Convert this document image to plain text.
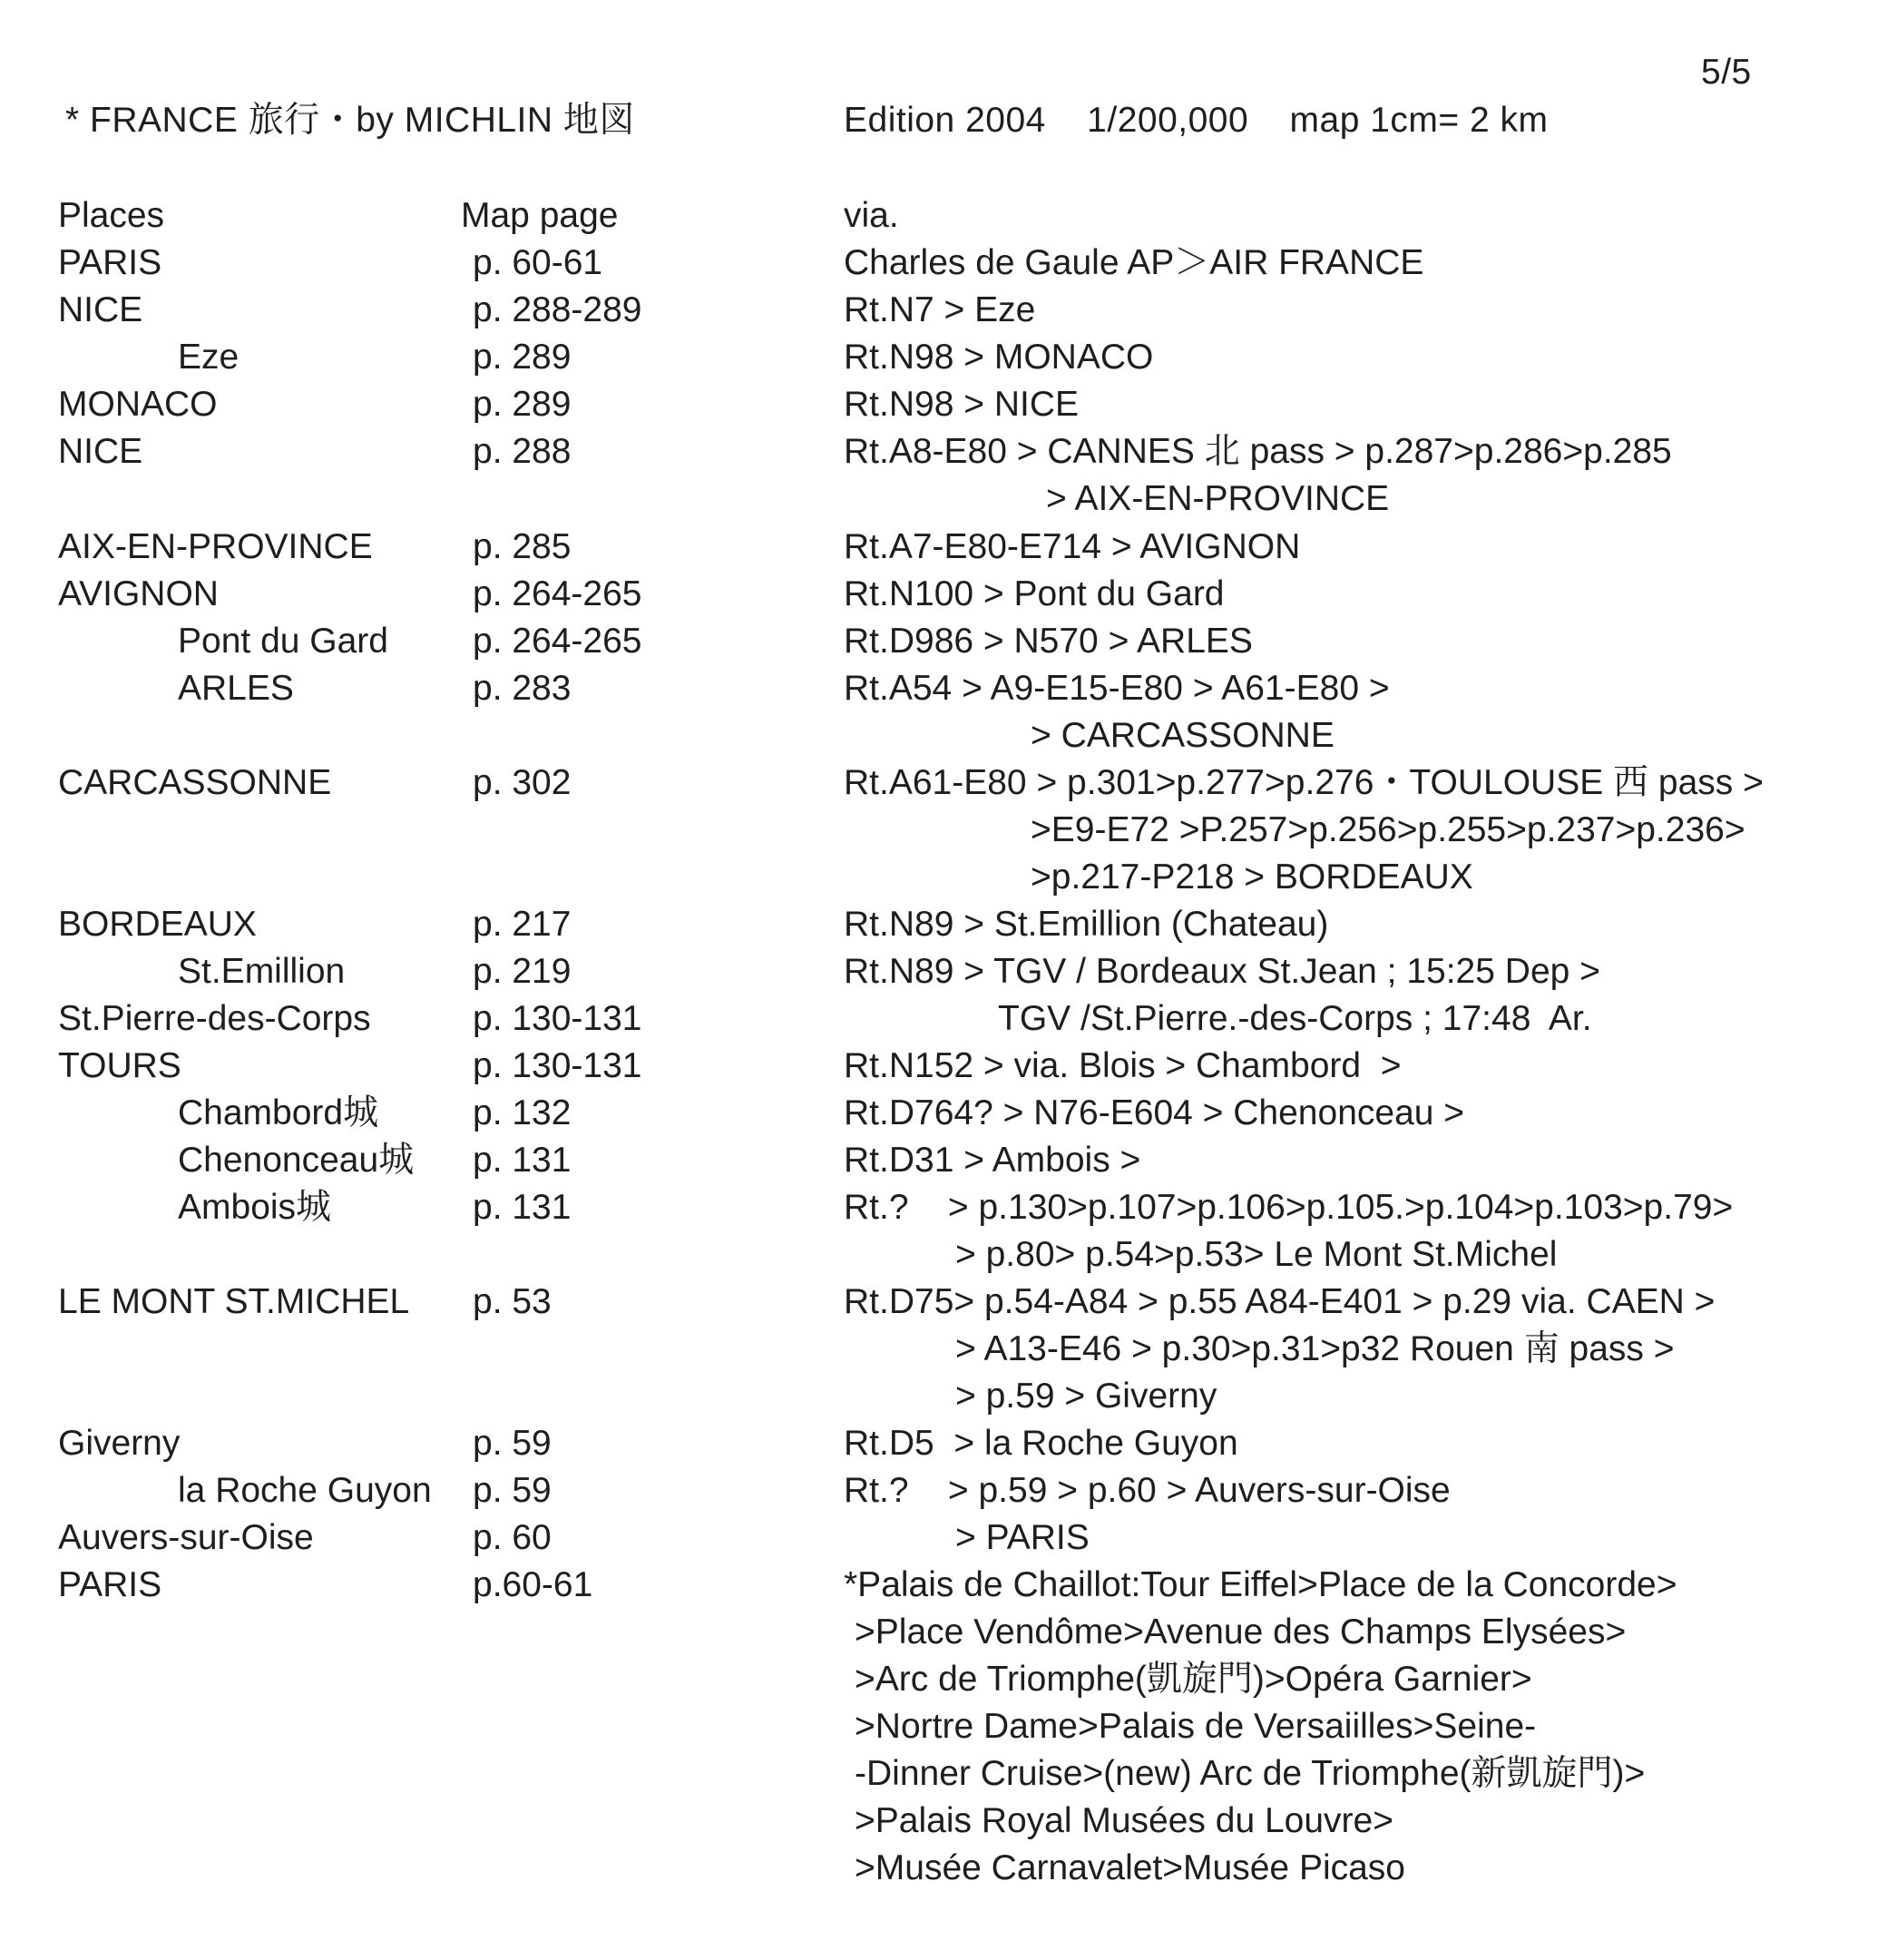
5/5
* FRANCE 旅行・by MICHLIN 地図	Edition 2004    1/200,000    map 1cm= 2 km
Places	Map page	via.
PARIS	p. 60-61	Charles de Gaule AP＞AIR FRANCE
NICE	p. 288-289	Rt.N7 > Eze
Eze	p. 289	Rt.N98 > MONACO
MONACO	p. 289	Rt.N98 > NICE
NICE	p. 288	Rt.A8-E80 > CANNES 北 pass > p.287>p.286>p.285
> AIX-EN-PROVINCE
AIX-EN-PROVINCE	p. 285	Rt.A7-E80-E714 > AVIGNON
AVIGNON	p. 264-265	Rt.N100 > Pont du Gard
Pont du Gard p. 264-265	Rt.D986 > N570 > ARLES
ARLES	p. 283	Rt.A54 > A9-E15-E80 > A61-E80 >
> CARCASSONNE
CARCASSONNE	p. 302	Rt.A61-E80 > p.301>p.277>p.276・TOULOUSE 西 pass >
>E9-E72 >P.257>p.256>p.255>p.237>p.236>
>p.217-P218 > BORDEAUX
BORDEAUX	p. 217	Rt.N89 > St.Emillion (Chateau)
St.Emillion	p. 219	Rt.N89 > TGV / Bordeaux St.Jean ; 15:25 Dep >
St.Pierre-des-Corps	p. 130-131	TGV /St.Pierre.-des-Corps ; 17:48  Ar.
TOURS	p. 130-131	Rt.N152 > via. Blois > Chambord  >
Chambord城	p. 132	Rt.D764? > N76-E604 > Chenonceau >
Chenonceau城 p. 131	Rt.D31 > Ambois >
Ambois城	p. 131	Rt.?    > p.130>p.107>p.106>p.105.>p.104>p.103>p.79>
> p.80> p.54>p.53> Le Mont St.Michel
LE MONT ST.MICHEL p. 53	Rt.D75> p.54-A84 > p.55 A84-E401 > p.29 via. CAEN >
> A13-E46 > p.30>p.31>p32 Rouen 南 pass >
> p.59 > Giverny
Giverny	p. 59	Rt.D5  > la Roche Guyon
la Roche Guyon p. 59	Rt.?    > p.59 > p.60 > Auvers-sur-Oise
Auvers-sur-Oise	p. 60	> PARIS
PARIS	p.60-61	*Palais de Chaillot:Tour Eiffel>Place de la Concorde>
>Place Vendôme>Avenue des Champs Elysées>
>Arc de Triomphe(凱旋門)>Opéra Garnier>
>Nortre Dame>Palais de Versaiilles>Seine-
-Dinner Cruise>(new) Arc de Triomphe(新凱旋門)>
>Palais Royal Musées du Louvre>
>Musée Carnavalet>Musée Picaso
